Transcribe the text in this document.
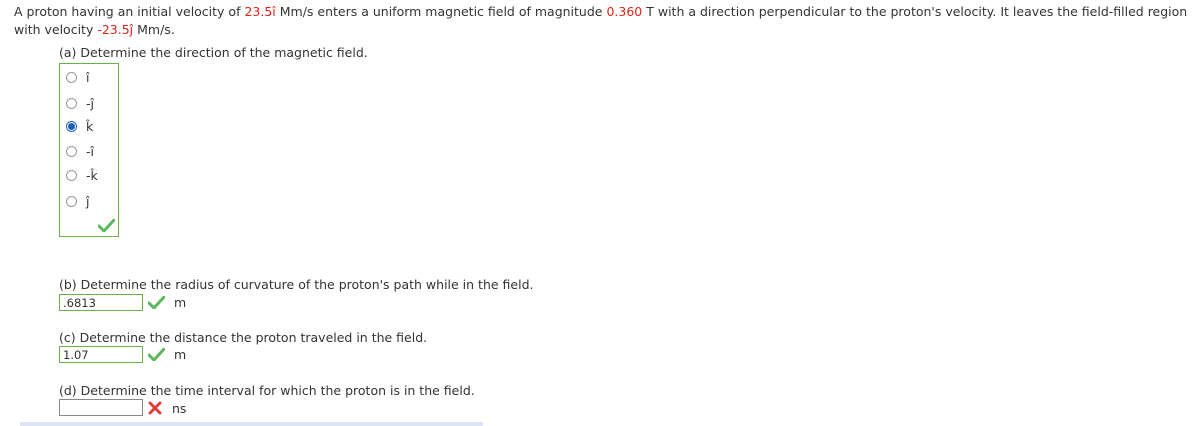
A proton having an initial velocity of 23.5î Mm/s enters a uniform magnetic field of magnitude 0.360 T with a direction perpendicular to the proton's velocity. It leaves the field-filled region with velocity -23.5ĵ Mm/s.
(a) Determine the direction of the magnetic field.
î
-ĵ
k̂
-î
-k̂
ĵ
(b) Determine the radius of curvature of the proton's path while in the field.
.6813	m
(c) Determine the distance the proton traveled in the field.
1.07	m
(d) Determine the time interval for which the proton is in the field.
ns
